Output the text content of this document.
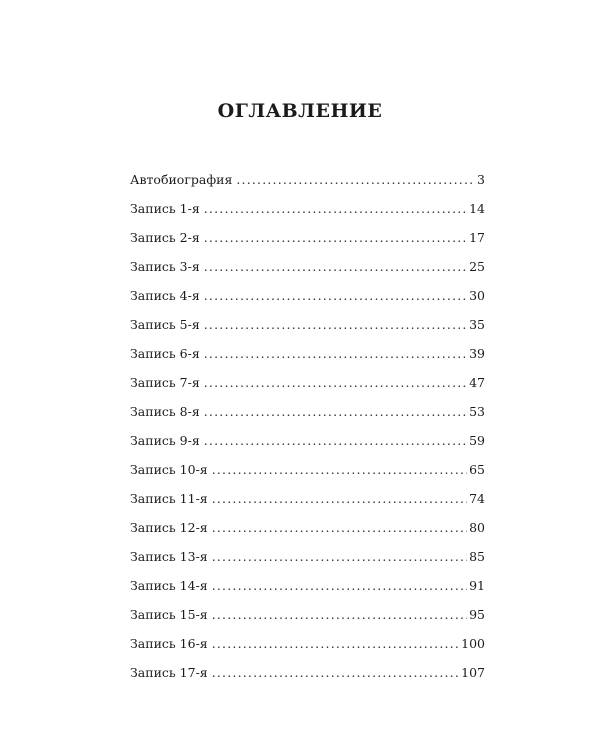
ОГЛАВЛЕНИЕ
Автобиография .....	3
Запись 1-я .....	14
Запись 2-я .....	17
Запись 3-я .....	25
Запись 4-я .....	30
Запись 5-я .....	35
Запись 6-я .....	39
Запись 7-я .....	47
Запись 8-я .....	53
Запись 9-я .....	59
Запись 10-я .....	65
Запись 11-я .....	74
Запись 12-я .....	80
Запись 13-я .....	85
Запись 14-я .....	91
Запись 15-я .....	95
Запись 16-я .....	100
Запись 17-я .....	107
